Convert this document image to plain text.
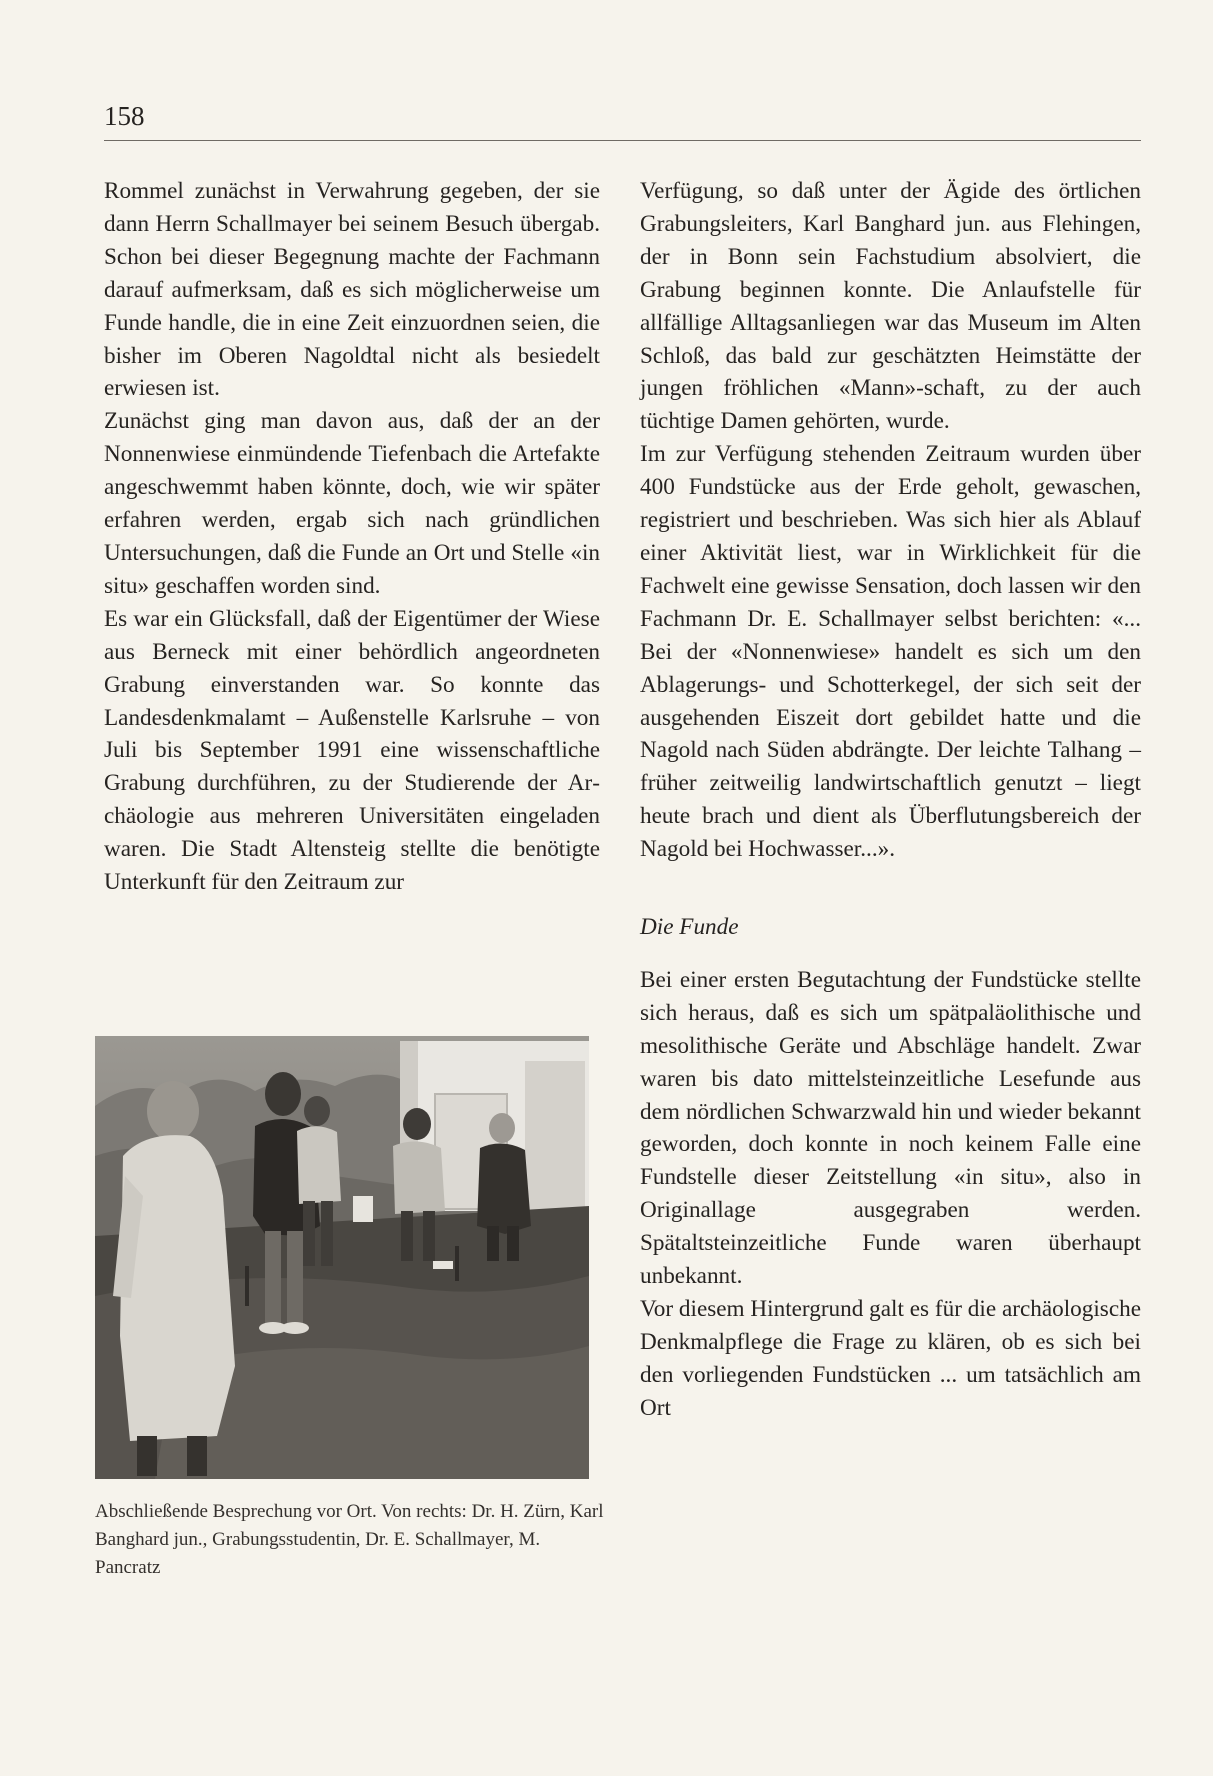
158

Rommel zunächst in Verwahrung gegeben, der sie dann Herrn Schallmayer bei seinem Besuch übergab. Schon bei dieser Begegnung machte der Fachmann darauf aufmerksam, daß es sich möglicherweise um Funde handle, die in eine Zeit einzuordnen seien, die bisher im Oberen Nagoldtal nicht als besiedelt erwiesen ist.

Zunächst ging man davon aus, daß der an der Nonnenwiese einmündende Tiefenbach die Artefakte angeschwemmt haben könnte, doch, wie wir später erfahren werden, ergab sich nach gründlichen Untersuchungen, daß die Funde an Ort und Stelle «in situ» geschaffen worden sind.

Es war ein Glücksfall, daß der Eigentümer der Wiese aus Berneck mit einer behördlich angeordneten Grabung einverstanden war. So konnte das Landesdenkmalamt – Außenstelle Karlsruhe – von Juli bis September 1991 eine wissenschaftliche Grabung durchführen, zu der Studierende der Archäologie aus mehreren Universitäten eingeladen waren. Die Stadt Altensteig stellte die benötigte Unterkunft für den Zeitraum zur

Verfügung, so daß unter der Ägide des örtlichen Grabungsleiters, Karl Banghard jun. aus Flehingen, der in Bonn sein Fachstudium absolviert, die Grabung beginnen konnte. Die Anlaufstelle für allfällige Alltagsanliegen war das Museum im Alten Schloß, das bald zur geschätzten Heimstätte der jungen fröhlichen «Mann»-schaft, zu der auch tüchtige Damen gehörten, wurde.

Im zur Verfügung stehenden Zeitraum wurden über 400 Fundstücke aus der Erde geholt, gewaschen, registriert und beschrieben. Was sich hier als Ablauf einer Aktivität liest, war in Wirklichkeit für die Fachwelt eine gewisse Sensation, doch lassen wir den Fachmann Dr. E. Schallmayer selbst berichten: «... Bei der «Nonnenwiese» handelt es sich um den Ablagerungs- und Schotterkegel, der sich seit der ausgehenden Eiszeit dort gebildet hatte und die Nagold nach Süden abdrängte. Der leichte Talhang – früher zeitweilig landwirtschaftlich genutzt – liegt heute brach und dient als Überflutungsbereich der Nagold bei Hochwasser...».

Die Funde

Bei einer ersten Begutachtung der Fundstücke stellte sich heraus, daß es sich um spätpaläolithische und mesolithische Geräte und Abschläge handelt. Zwar waren bis dato mittelsteinzeitliche Lesefunde aus dem nördlichen Schwarzwald hin und wieder bekannt geworden, doch konnte in noch keinem Falle eine Fundstelle dieser Zeitstellung «in situ», also in Originallage ausgegraben werden. Spätaltsteinzeitliche Funde waren überhaupt unbekannt.

Vor diesem Hintergrund galt es für die archäologische Denkmalpflege die Frage zu klären, ob es sich bei den vorliegenden Fundstücken ... um tatsächlich am Ort

Abschließende Besprechung vor Ort. Von rechts: Dr. H. Zürn, Karl Banghard jun., Grabungsstudentin, Dr. E. Schallmayer, M. Pancratz
